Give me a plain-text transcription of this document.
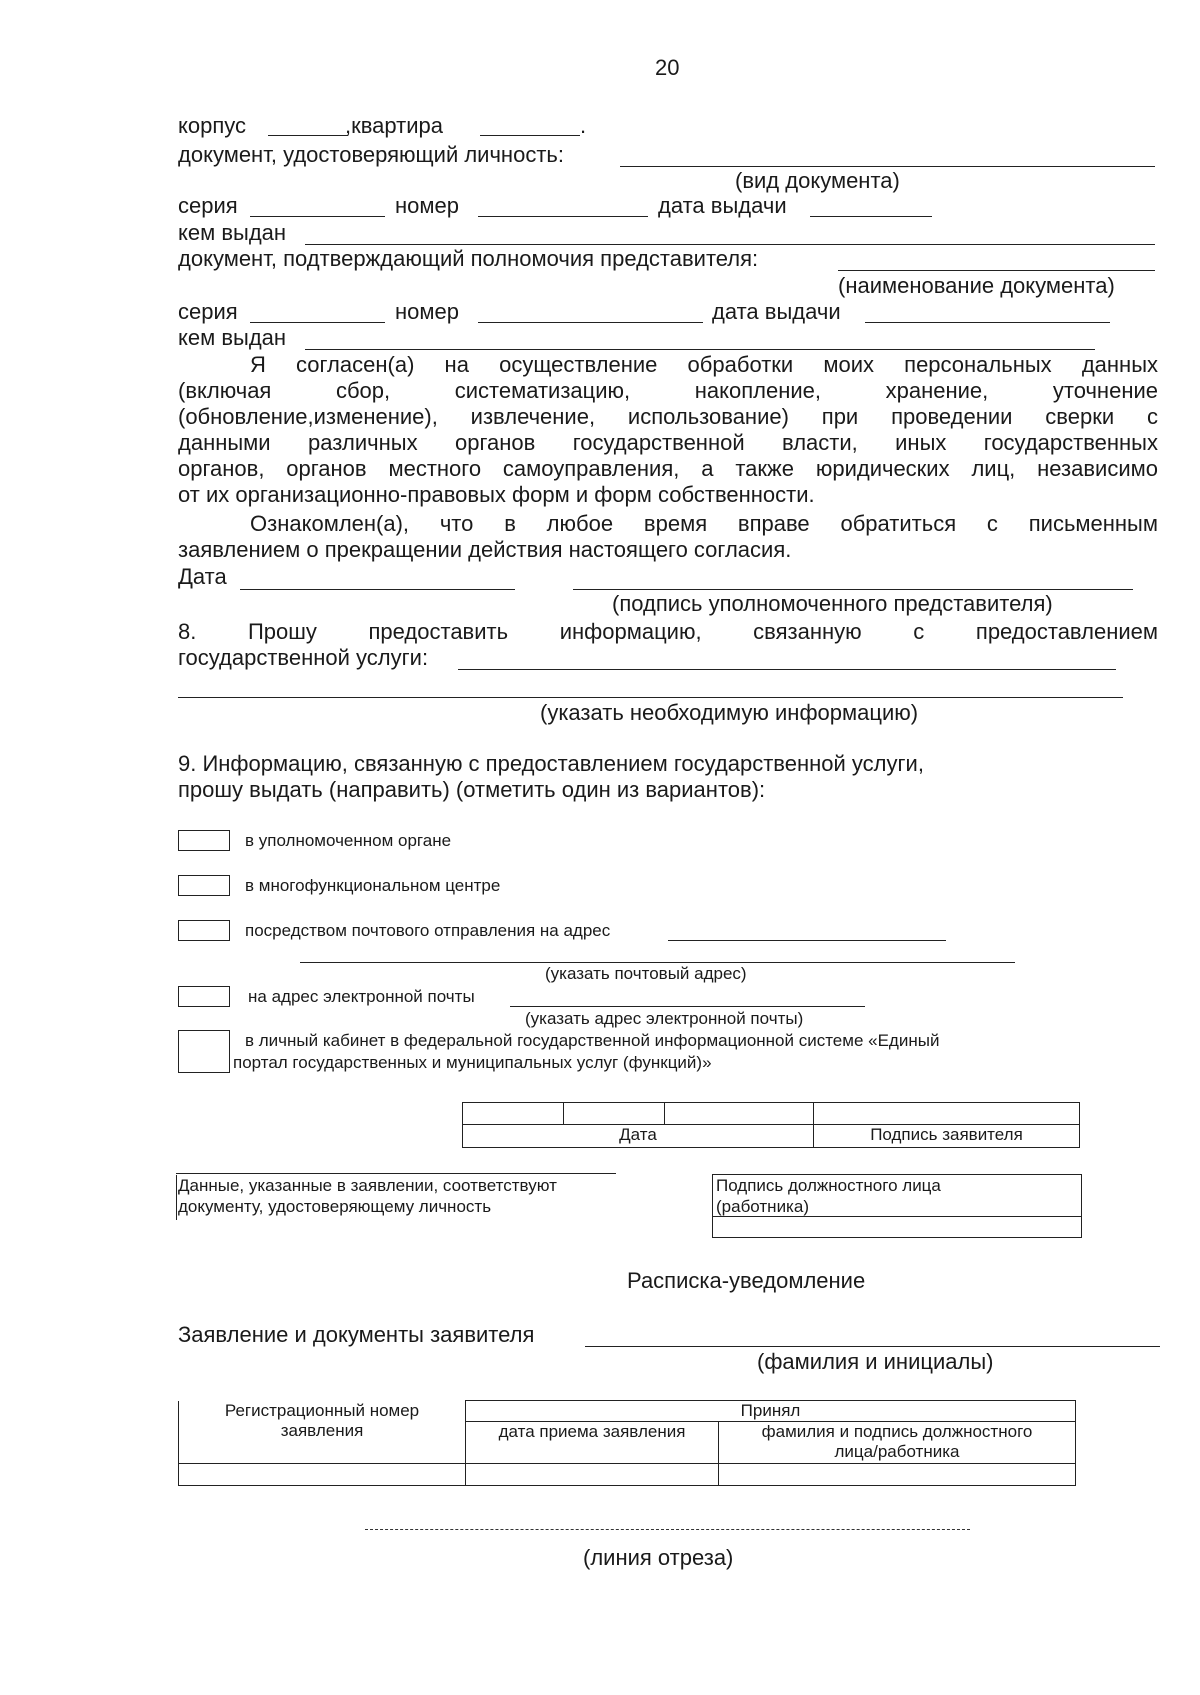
20
корпус	,квартира	.
документ, удостоверяющий личность:
(вид документа)
серия	номер	дата выдачи
кем выдан
документ, подтверждающий полномочия представителя:
(наименование документа)
серия	номер	дата выдачи
кем выдан
Я согласен(а) на осуществление обработки моих персональных данных
(включая сбор, систематизацию, накопление, хранение, уточнение
(обновление,изменение), извлечение, использование) при проведении сверки с
данными различных органов государственной власти, иных государственных
органов, органов местного самоуправления, а также юридических лиц, независимо
от их организационно-правовых форм и форм собственности.
Ознакомлен(а), что в любое время вправе обратиться с письменным
заявлением о прекращении действия настоящего согласия.
Дата
(подпись уполномоченного представителя)
8. Прошу предоставить информацию, связанную с предоставлением
государственной услуги:
(указать необходимую информацию)
9. Информацию, связанную с предоставлением государственной услуги,
прошу выдать (направить) (отметить один из вариантов):
в уполномоченном органе
в многофункциональном центре
посредством почтового отправления на адрес
(указать почтовый адрес)
на адрес электронной почты
(указать адрес электронной почты)
в личный кабинет в федеральной государственной информационной системе «Единый
портал государственных и муниципальных услуг (функций)»

Дата			Подпись заявителя
Данные, указанные в заявлении, соответствуют
документу, удостоверяющему личность
Подпись должностного лица
(работника)
Расписка-уведомление
Заявление и документы заявителя
(фамилия и инициалы)
Регистрационный номер
заявления	Принял	
	дата приема заявления	фамилия и подпись должностного
лица/работника

(линия отреза)
